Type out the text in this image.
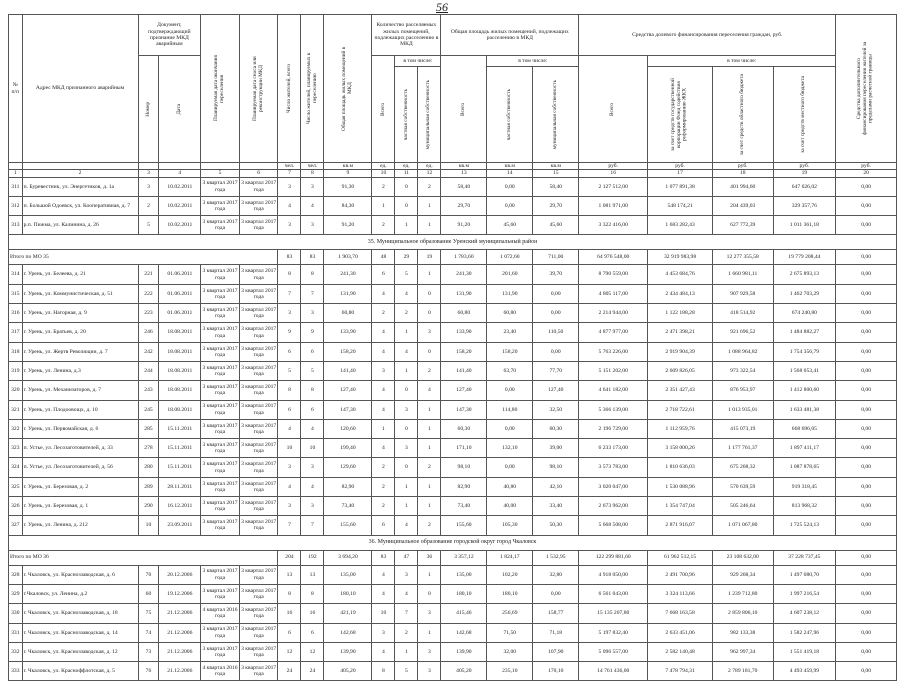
56
№ п/п	Адрес МКД признанного аварийным	Документ, подтверждающий признание МКД аварийным		Планируемая дата окончания переселения	Планируемая дата сноса или реконструкции МКД	Число жителей, всего	Число жителей, планируемых к переселению	Общая площадь жилых помещений в МКД	Количество расселяемых жилых помещений, подлежащих расселению в МКД			Общая площадь жилых помещений, подлежащих расселению в МКД			Средства долевого финансирования переселения граждан, руб.				Средства дополнительного финансирования переселения жителей за пределами расчетной границы

		Номер	Дата						Всего	в том числе:		Всего	в том числе:		Всего	в том числе:			

										частная собственность	муниципальная собственность		частная собственность	муниципальная собственность		за счет средств государственной корпорации Фонд содействия реформированию ЖКХ	за счет средств областного бюджета	за счет средств местного бюджета	

						чел.	чел.	кв.м	ед.	ед.	ед.	кв.м	кв.м	кв.м	руб.	руб.	руб.	руб.	руб.
1	2	3	4	5	6	7	8	9	10	11	12	13	14	15	16	17	18	19	20
311	п. Буревестник, ул. Энергетиков, д. 1а	3	10.02.2011	3 квартал 2017 года	3 квартал 2017 года	3	3	91,30	2	0	2	58,40	0,00	58,40	2 127 512,00	1 077 891,38	401 994,60	647 626,02	0,00
312	п. Большой Одоевск, ул. Кооперативная, д. 7	2	10.02.2011	3 квартал 2017 года	3 квартал 2017 года	4	4	84,30	1	0	1	29,70	0,00	29,70	1 081 971,00	548 174,21	204 439,03	329 357,76	0,00
313	р.п. Пижма, ул. Калинина, д. 26	5	10.02.2011	3 квартал 2017 года	3 квартал 2017 года	3	3	91,20	2	1	1	91,20	45,60	45,60	3 322 416,00	1 683 282,43	627 772,39	1 011 361,18	0,00
35. Муниципальное образование Уренский муниципальный район																			
Итого по МО 35						83	83	1 903,70	48	29	19	1 783,60	1 072,60	711,00	64 976 548,00	32 919 983,98	12 277 355,58	19 779 208,44	0,00
314	г. Урень, ул. Белеева, д. 21	221	01.06.2011	3 квартал 2017 года	3 квартал 2017 года	8	8	241,30	6	5	1	241,30	201,60	39,70	8 790 559,00	4 453 684,76	1 660 981,11	2 675 893,13	0,00
315	г. Урень, ул. Коммунистическая, д. 51	222	01.06.2011	3 квартал 2017 года	3 квартал 2017 года	7	7	131,90	4	4	0	131,90	131,90	0,00	4 805 117,00	2 434 484,13	907 929,58	1 462 703,29	0,00
316	г. Урень, ул. Нагорная, д. 9	223	01.06.2011	3 квартал 2017 года	3 квартал 2017 года	3	3	60,80	2	2	0	60,80	60,80	0,00	2 214 944,00	1 122 188,28	418 514,92	674 240,80	0,00
317	г. Урень, ул. Братьев, д. 20	246	18.08.2011	3 квартал 2017 года	3 квартал 2017 года	9	9	133,90	4	1	3	133,90	23,40	110,50	4 877 977,00	2 471 398,21	921 696,52	1 484 882,27	0,00
318	г. Урень, ул. Жертв Революции, д. 7	242	18.08.2011	3 квартал 2017 года	3 квартал 2017 года	6	6	158,20	4	4	0	158,20	158,20	0,00	5 763 226,00	2 919 904,39	1 088 964,82	1 754 356,79	0,00
319	г. Урень, ул. Ленина, д.3	244	18.08.2011	3 квартал 2017 года	3 квартал 2017 года	5	5	141,40	3	1	2	141,40	63,70	77,70	5 151 202,00	2 609 826,05	973 322,54	1 568 053,41	0,00
320	г. Урень, ул. Механизаторов, д. 7	243	18.08.2011	3 квартал 2017 года	3 квартал 2017 года	8	8	127,40	4	0	4	127,40	0,00	127,40	4 641 182,00	2 351 427,43	876 953,97	1 412 800,60	0,00
321	г. Урень, ул. Плодоовощх, д. 10	245	18.08.2011	3 квартал 2017 года	3 квартал 2017 года	6	6	147,30	4	3	1	147,30	114,80	32,50	5 366 139,00	2 718 722,61	1 013 935,01	1 633 481,38	0,00
322	г. Урень, ул. Первомайская, д. 6	285	15.11.2011	3 квартал 2017 года	3 квартал 2017 года	4	4	120,60	1	0	1	60,30	0,00	60,30	2 196 729,00	1 112 959,76	415 073,19	668 696,05	0,00
323	п. Устье, ул. Лесозаготовителей, д. 33	278	15.11.2011	3 квартал 2017 года	3 квартал 2017 года	10	10	199,40	4	3	1	171,10	132,10	39,00	6 233 173,00	3 158 000,26	1 177 761,37	1 897 411,17	0,00
324	п. Устье, ул. Лесозаготовителей, д. 56	280	15.11.2011	3 квартал 2017 года	3 квартал 2017 года	3	3	129,60	2	0	2	98,10	0,00	98,10	3 573 783,00	1 810 636,03	675 268,32	1 087 878,65	0,00
325	г. Урень, ул. Березовая, д. 2	289	28.11.2011	3 квартал 2017 года	3 квартал 2017 года	4	4	82,90	2	1	1	82,90	40,80	42,10	3 020 047,00	1 530 088,96	570 639,59	919 318,45	0,00
326	г. Урень, ул. Березовая, д. 1	290	16.12.2011	3 квартал 2017 года	3 квартал 2017 года	3	3	73,40	2	1	1	73,40	40,00	33,40	2 673 962,00	1 354 747,04	505 246,64	813 968,32	0,00
327	г. Урень, ул. Ленина, д. 212	10	23.09.2011	3 квартал 2017 года	3 квартал 2017 года	7	7	155,60	6	4	2	155,60	105,30	50,30	5 668 508,00	2 871 916,07	1 071 067,80	1 725 524,13	0,00
36. Муниципальное образование городской округ город Чкаловск																			
Итого по МО 36						204	192	3 694,20	83	47	36	3 357,12	1 824,17	1 532,95	122 299 881,60	61 962 512,15	23 108 632,00	37 228 737,45	0,00
328	г. Чкаловск, ул. Красноззаводская, д. 6	70	20.12.2006	3 квартал 2017 года	3 квартал 2017 года	13	13	135,00	4	3	1	135,00	102,20	32,80	4 918 050,00	2 491 700,96	929 268,34	1 497 080,70	0,00
329	г.Чкаловск, ул. Ленина, д.2	60	19.12.2006	3 квартал 2017 года	3 квартал 2017 года	8	8	180,10	4	4	0	180,10	180,10	0,00	6 561 043,00	3 324 113,66	1 239 712,80	1 997 216,54	0,00
330	г. Чкаловск, ул. Красноззаводская, д. 18	75	21.12.2006	4 квартал 2016 года	3 квартал 2017 года	16	16	421,19	10	7	3	415,46	256,69	158,77	15 135 207,80	7 668 163,58	2 859 806,10	4 607 238,12	0,00
331	г. Чкаловск, ул. Красноззаводская, д. 14	74	21.12.2006	3 квартал 2017 года	3 квартал 2017 года	6	6	142,68	3	2	1	142,68	71,50	71,18	5 197 832,40	2 633 451,06	982 133,38	1 582 247,96	0,00
332	г. Чкаловск, ул. Красноззаводская, д. 12	73	21.12.2006	3 квартал 2017 года	3 квартал 2017 года	12	12	139,90	4	1	3	139,90	32,00	107,90	5 096 557,00	2 582 140,48	962 997,34	1 551 419,18	0,00
333	г. Чкаловск, ул. Красноффлотская, д. 5	76	21.12.2006	4 квартал 2016 года	3 квартал 2017 года	24	24	405,20	8	5	3	405,20	235,10	170,10	14 761 436,00	7 478 794,31	2 789 181,70	4 493 459,99	0,00
